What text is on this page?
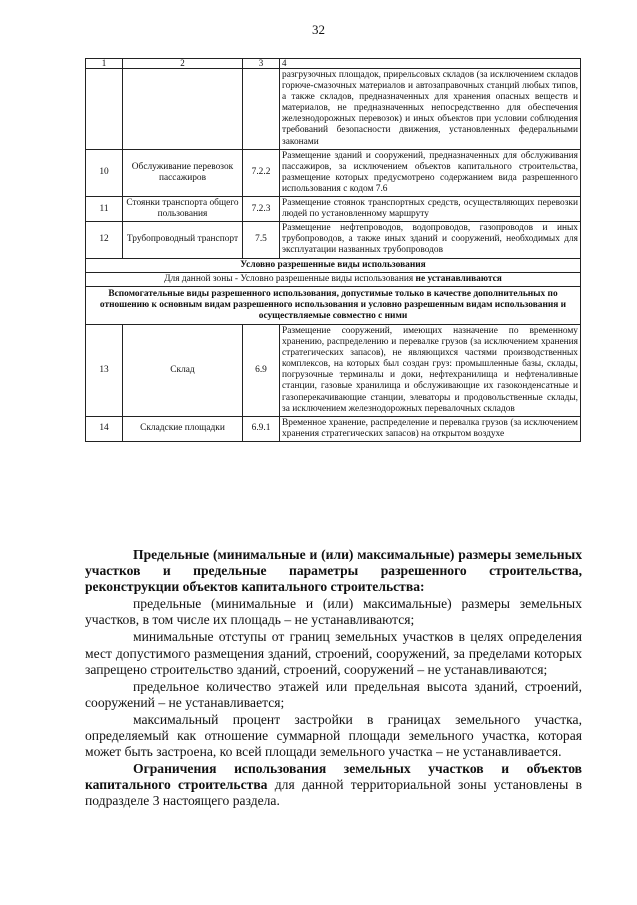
32
1	2	3	4
			разгрузочных площадок, прирельсовых складов (за исключением складов горюче-смазочных материалов и автозаправочных станций любых типов, а также складов, предназначенных для хранения опасных веществ и материалов, не предназначенных непосредственно для обеспечения железнодорожных перевозок) и иных объектов при условии соблюдения требований безопасности движения, установленных федеральными законами
10	Обслуживание перевозок пассажиров	7.2.2	Размещение зданий и сооружений, предназначенных для обслуживания пассажиров, за исключением объектов капитального строительства, размещение которых предусмотрено содержанием вида разрешенного использования с кодом 7.6
11	Стоянки транспорта общего пользования	7.2.3	Размещение стоянок транспортных средств, осуществляющих перевозки людей по установленному маршруту
12	Трубопроводный транспорт	7.5	Размещение нефтепроводов, водопроводов, газопроводов и иных трубопроводов, а также иных зданий и сооружений, необходимых для эксплуатации названных трубопроводов
Условно разрешенные виды использования			
Для данной зоны - Условно разрешенные виды использования не устанавливаются			
Вспомогательные виды разрешенного использования, допустимые только в качестве дополнительных по отношению к основным видам разрешенного использования и условно разрешенным видам использования и осуществляемые совместно с ними			
13	Склад	6.9	Размещение сооружений, имеющих назначение по временному хранению, распределению и перевалке грузов (за исключением хранения стратегических запасов), не являющихся частями производственных комплексов, на которых был создан груз: промышленные базы, склады, погрузочные терминалы и доки, нефтехранилища и нефтеналивные станции, газовые хранилища и обслуживающие их газоконденсатные и газоперекачивающие станции, элеваторы и продовольственные склады, за исключением железнодорожных перевалочных складов
14	Складские площадки	6.9.1	Временное хранение, распределение и перевалка грузов (за исключением хранения стратегических запасов) на открытом воздухе

Предельные (минимальные и (или) максимальные) размеры земельных участков и предельные параметры разрешенного строительства, реконструкции объектов капитального строительства:

предельные (минимальные и (или) максимальные) размеры земельных участков, в том числе их площадь – не устанавливаются;

минимальные отступы от границ земельных участков в целях определения мест допустимого размещения зданий, строений, сооружений, за пределами которых запрещено строительство зданий, строений, сооружений – не устанавливаются;

предельное количество этажей или предельная высота зданий, строений, сооружений – не устанавливается;

максимальный процент застройки в границах земельного участка, определяемый как отношение суммарной площади земельного участка, которая может быть застроена, ко всей площади земельного участка – не устанавливается.

Ограничения использования земельных участков и объектов капитального строительства для данной территориальной зоны установлены в подразделе 3 настоящего раздела.
